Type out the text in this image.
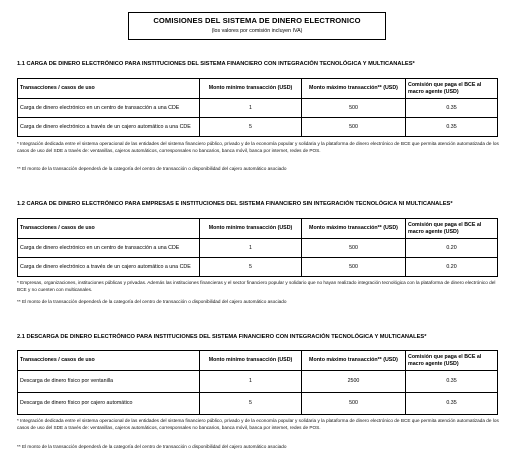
COMISIONES DEL SISTEMA DE DINERO ELECTRONICO
(los valores por comisión incluyen IVA)
1.1 CARGA DE DINERO ELECTRÓNICO PARA INSTITUCIONES DEL SISTEMA FINANCIERO CON INTEGRACIÓN TECNOLÓGICA Y MULTICANALES*
Transacciones / casos de uso	Monto mínimo transacción (USD)	Monto máximo transacción** (USD)	Comisión que paga el BCE al macro agente (USD)
Carga de dinero electrónico en un centro de transacción a una CDE	1	500	0.35
Carga de dinero electrónico a través de un cajero automático a una CDE	5	500	0.35
* Integración dedicada entre el sistema operacional de las entidades del sistema financiero público, privado y de la economía popular y solidaria y la plataforma de dinero electrónico de BCE que permita atención automatizada de los casos de uso del SDE a través de: ventanillas, cajeros automáticos, corresponsales no bancarios, banca móvil, banca por internet, redes de POS.
** El monto de la transacción dependerá de la categoría del centro de transacción o disponibilidad del cajero automático asociado
1.2 CARGA DE DINERO ELECTRÓNICO PARA EMPRESAS E INSTITUCIONES DEL SISTEMA FINANCIERO SIN INTEGRACIÓN TECNOLÓGICA NI MULTICANALES*
Transacciones / casos de uso	Monto mínimo transacción (USD)	Monto máximo transacción** (USD)	Comisión que paga el BCE al macro agente (USD)
Carga de dinero electrónico en un centro de transacción a una CDE	1	500	0.20
Carga de dinero electrónico a través de un cajero automático a una CDE	5	500	0.20
* Empresas, organizaciones, instituciones públicas y privadas. Además las instituciones financieras y el sector financiero popular y solidario que no hayan realizado integración tecnológica con la plataforma de dinero electrónico del BCE y no cuenten con multicanales.
** El monto de la transacción dependerá de la categoría del centro de transacción o disponibilidad del cajero automático asociado
2.1 DESCARGA DE DINERO ELECTRÓNICO PARA INSTITUCIONES DEL SISTEMA FINANCIERO CON INTEGRACIÓN TECNOLÓGICA Y MULTICANALES*
Transacciones / casos de uso	Monto mínimo transacción (USD)	Monto máximo transacción** (USD)	Comisión que paga el BCE al macro agente (USD)
Descarga de dinero físico por ventanilla	1	2500	0.35
Descarga de dinero físico por cajero automático	5	500	0.35
* Integración dedicada entre el sistema operacional de las entidades del sistema financiero público, privado y de la economía popular y solidaria y la plataforma de dinero electrónico de BCE que permita atención automatizada de los casos de uso del SDE a través de: ventanillas, cajeros automáticos, corresponsales no bancarios, banca móvil, banca por internet, redes de POS.
** El monto de la transacción dependerá de la categoría del centro de transacción o disponibilidad del cajero automático asociado
